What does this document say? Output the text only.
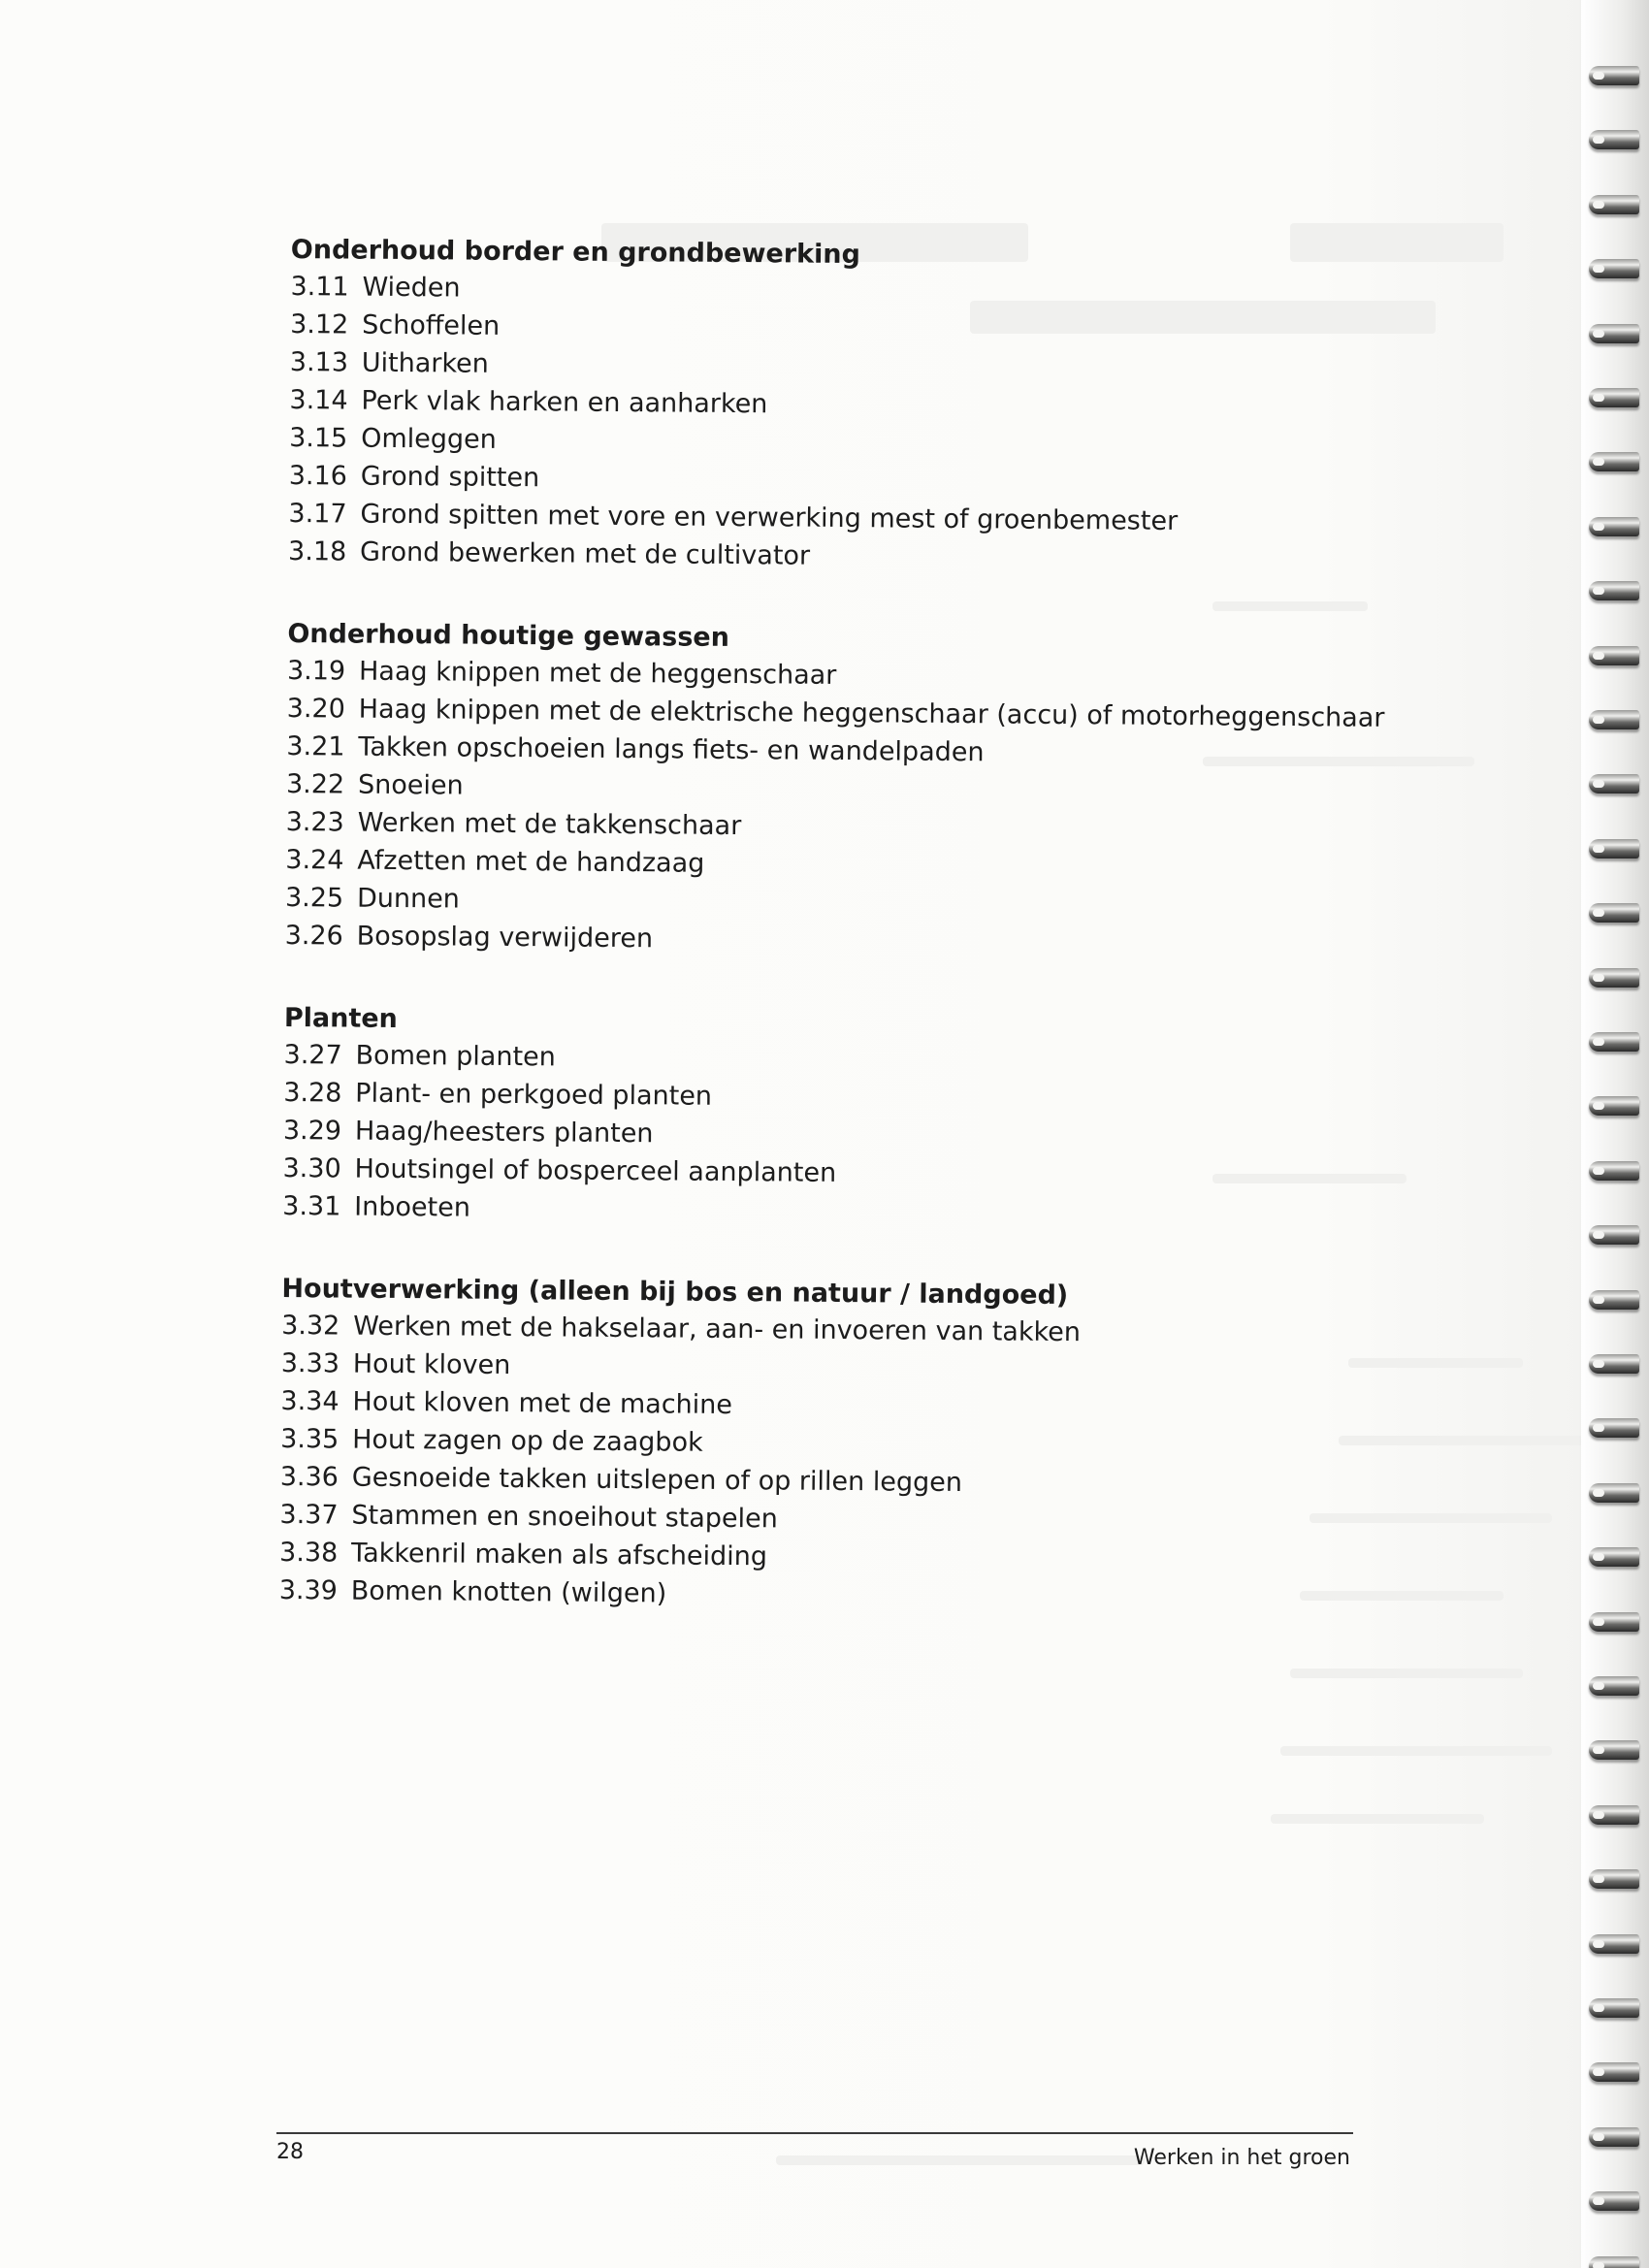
Onderhoud border en grondbewerking
3.11 Wieden
3.12 Schoffelen
3.13 Uitharken
3.14 Perk vlak harken en aanharken
3.15 Omleggen
3.16 Grond spitten
3.17 Grond spitten met vore en verwerking mest of groenbemester
3.18 Grond bewerken met de cultivator
Onderhoud houtige gewassen
3.19 Haag knippen met de heggenschaar
3.20 Haag knippen met de elektrische heggenschaar (accu) of motorheggenschaar
3.21 Takken opschoeien langs fiets- en wandelpaden
3.22 Snoeien
3.23 Werken met de takkenschaar
3.24 Afzetten met de handzaag
3.25 Dunnen
3.26 Bosopslag verwijderen
Planten
3.27 Bomen planten
3.28 Plant- en perkgoed planten
3.29 Haag/heesters planten
3.30 Houtsingel of bosperceel aanplanten
3.31 Inboeten
Houtverwerking (alleen bij bos en natuur / landgoed)
3.32 Werken met de hakselaar, aan- en invoeren van takken
3.33 Hout kloven
3.34 Hout kloven met de machine
3.35 Hout zagen op de zaagbok
3.36 Gesnoeide takken uitslepen of op rillen leggen
3.37 Stammen en snoeihout stapelen
3.38 Takkenril maken als afscheiding
3.39 Bomen knotten (wilgen)
28	Werken in het groen
